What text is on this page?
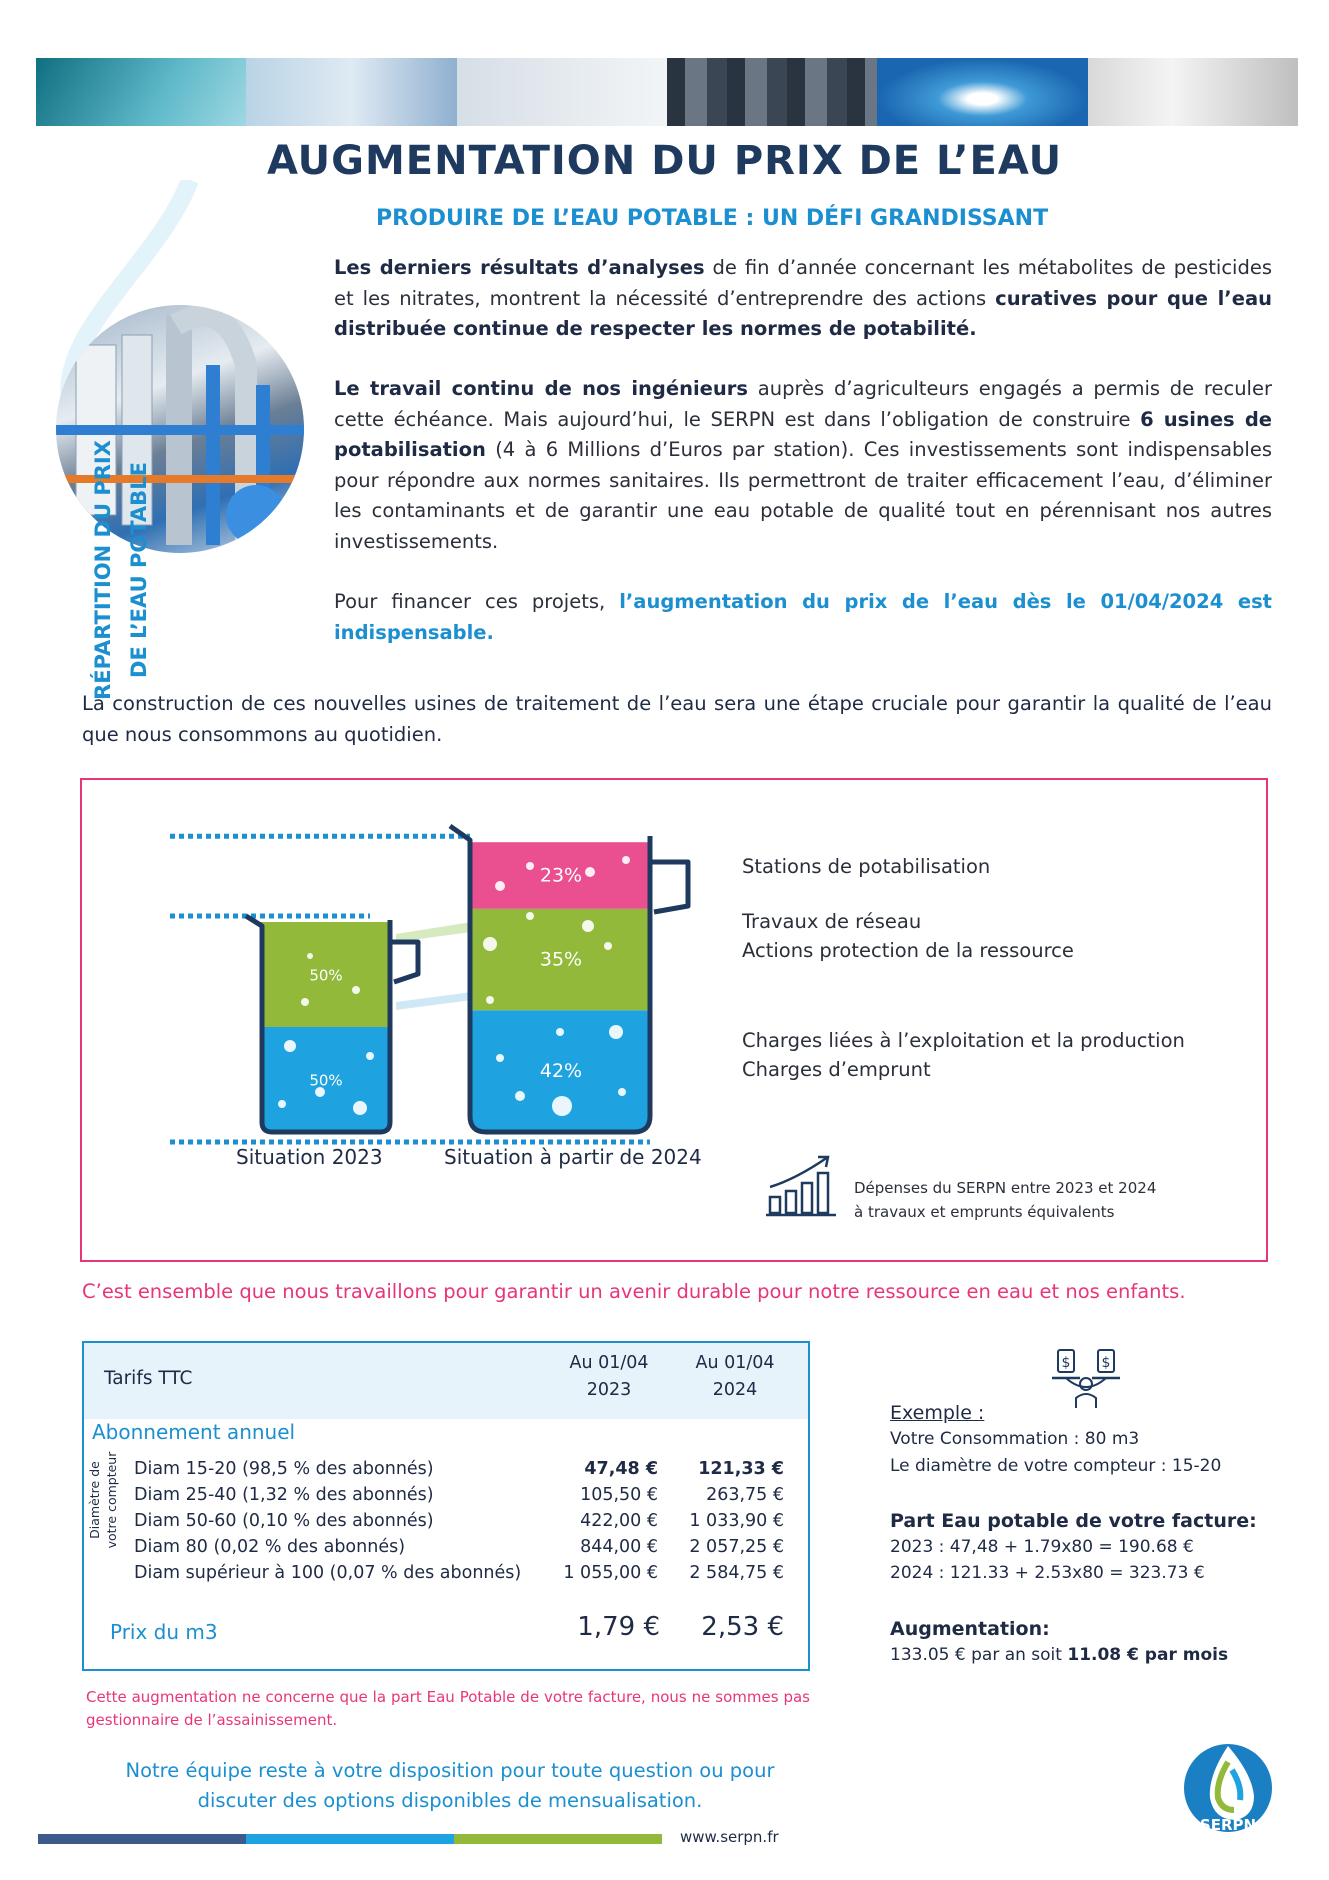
AUGMENTATION DU PRIX DE L’EAU
PRODUIRE DE L’EAU POTABLE : UN DÉFI GRANDISSANT
Les derniers résultats d’analyses de fin d’année concernant les métabolites de pesticides et les nitrates, montrent la nécessité d’entreprendre des actions curatives pour que l’eau distribuée continue de respecter les normes de potabilité.
Le travail continu de nos ingénieurs auprès d’agriculteurs engagés a permis de reculer cette échéance. Mais aujourd’hui, le SERPN est dans l’obligation de construire 6 usines de potabilisation (4 à 6 Millions d’Euros par station). Ces investissements sont indispensables pour répondre aux normes sanitaires. Ils permettront de traiter efficacement l’eau, d’éliminer les contaminants et de garantir une eau potable de qualité tout en pérennisant nos autres investissements.
Pour financer ces projets, l’augmentation du prix de l’eau dès le 01/04/2024 est indispensable.
La construction de ces nouvelles usines de traitement de l’eau sera une étape cruciale pour garantir la qualité de l’eau que nous consommons au quotidien.
RÉPARTITION DU PRIX DE L’EAU POTABLE
50%
50%
42%
35%
23%	Stations de potabilisation
Travaux de réseau
Actions protection de la ressource
Charges liées à l’exploitation et la production
Charges d’emprunt
Situation 2023	Situation à partir de 2024
Dépenses du SERPN entre 2023 et 2024
à travaux et emprunts équivalents
C’est ensemble que nous travaillons pour garantir un avenir durable pour notre ressource en eau et nos enfants.
Tarifs TTC
Au 01/04
2023
Au 01/04
2024
Abonnement annuel
Diamètre de votre compteur Diam 15-20 (98,5 % des abonnés)	47,48 € 121,33 €
Diam 25-40 (1,32 % des abonnés)	105,50 €	263,75 €
Diam 50-60 (0,10 % des abonnés)	422,00 € 1 033,90 €
Diam 80 (0,02 % des abonnés)	844,00 € 2 057,25 €
Diam supérieur à 100 (0,07 % des abonnés) 1 055,00 € 2 584,75 €
Prix du m3	1,79 €	2,53 €
Cette augmentation ne concerne que la part Eau Potable de votre facture, nous ne sommes pas gestionnaire de l’assainissement.
$ $
Exemple :
Votre Consommation : 80 m3
Le diamètre de votre compteur : 15-20
Part Eau potable de votre facture:
2023 : 47,48 + 1.79x80 = 190.68 €
2024 : 121.33 + 2.53x80 = 323.73 €
Augmentation:
133.05 € par an soit 11.08 € par mois
Notre équipe reste à votre disposition pour toute question ou pour
discuter des options disponibles de mensualisation.
SERPN
www.serpn.fr
